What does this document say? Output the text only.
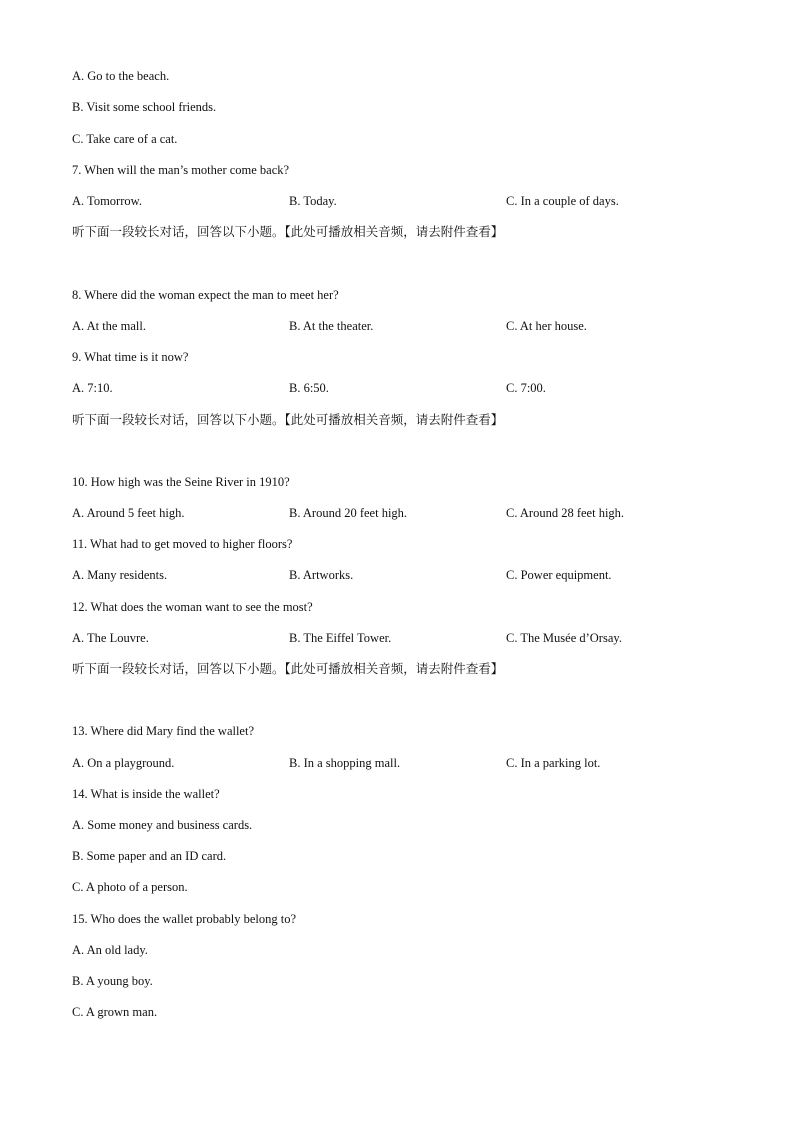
A. Go to the beach.
B. Visit some school friends.
C. Take care of a cat.
7. When will the man’s mother come back?
A. Tomorrow.	B. Today.	C. In a couple of days.
听下面一段较长对话，回答以下小题。【此处可播放相关音频，请去附件查看】
8. Where did the woman expect the man to meet her?
A. At the mall.	B. At the theater.	C. At her house.
9. What time is it now?
A. 7:10.	B. 6:50.	C. 7:00.
听下面一段较长对话，回答以下小题。【此处可播放相关音频，请去附件查看】
10. How high was the Seine River in 1910?
A. Around 5 feet high.	B. Around 20 feet high.	C. Around 28 feet high.
11. What had to get moved to higher floors?
A. Many residents.	B. Artworks.	C. Power equipment.
12. What does the woman want to see the most?
A. The Louvre.	B. The Eiffel Tower.	C. The Musée d’Orsay.
听下面一段较长对话，回答以下小题。【此处可播放相关音频，请去附件查看】
13. Where did Mary find the wallet?
A. On a playground.	B. In a shopping mall.	C. In a parking lot.
14. What is inside the wallet?
A. Some money and business cards.
B. Some paper and an ID card.
C. A photo of a person.
15. Who does the wallet probably belong to?
A. An old lady.
B. A young boy.
C. A grown man.
